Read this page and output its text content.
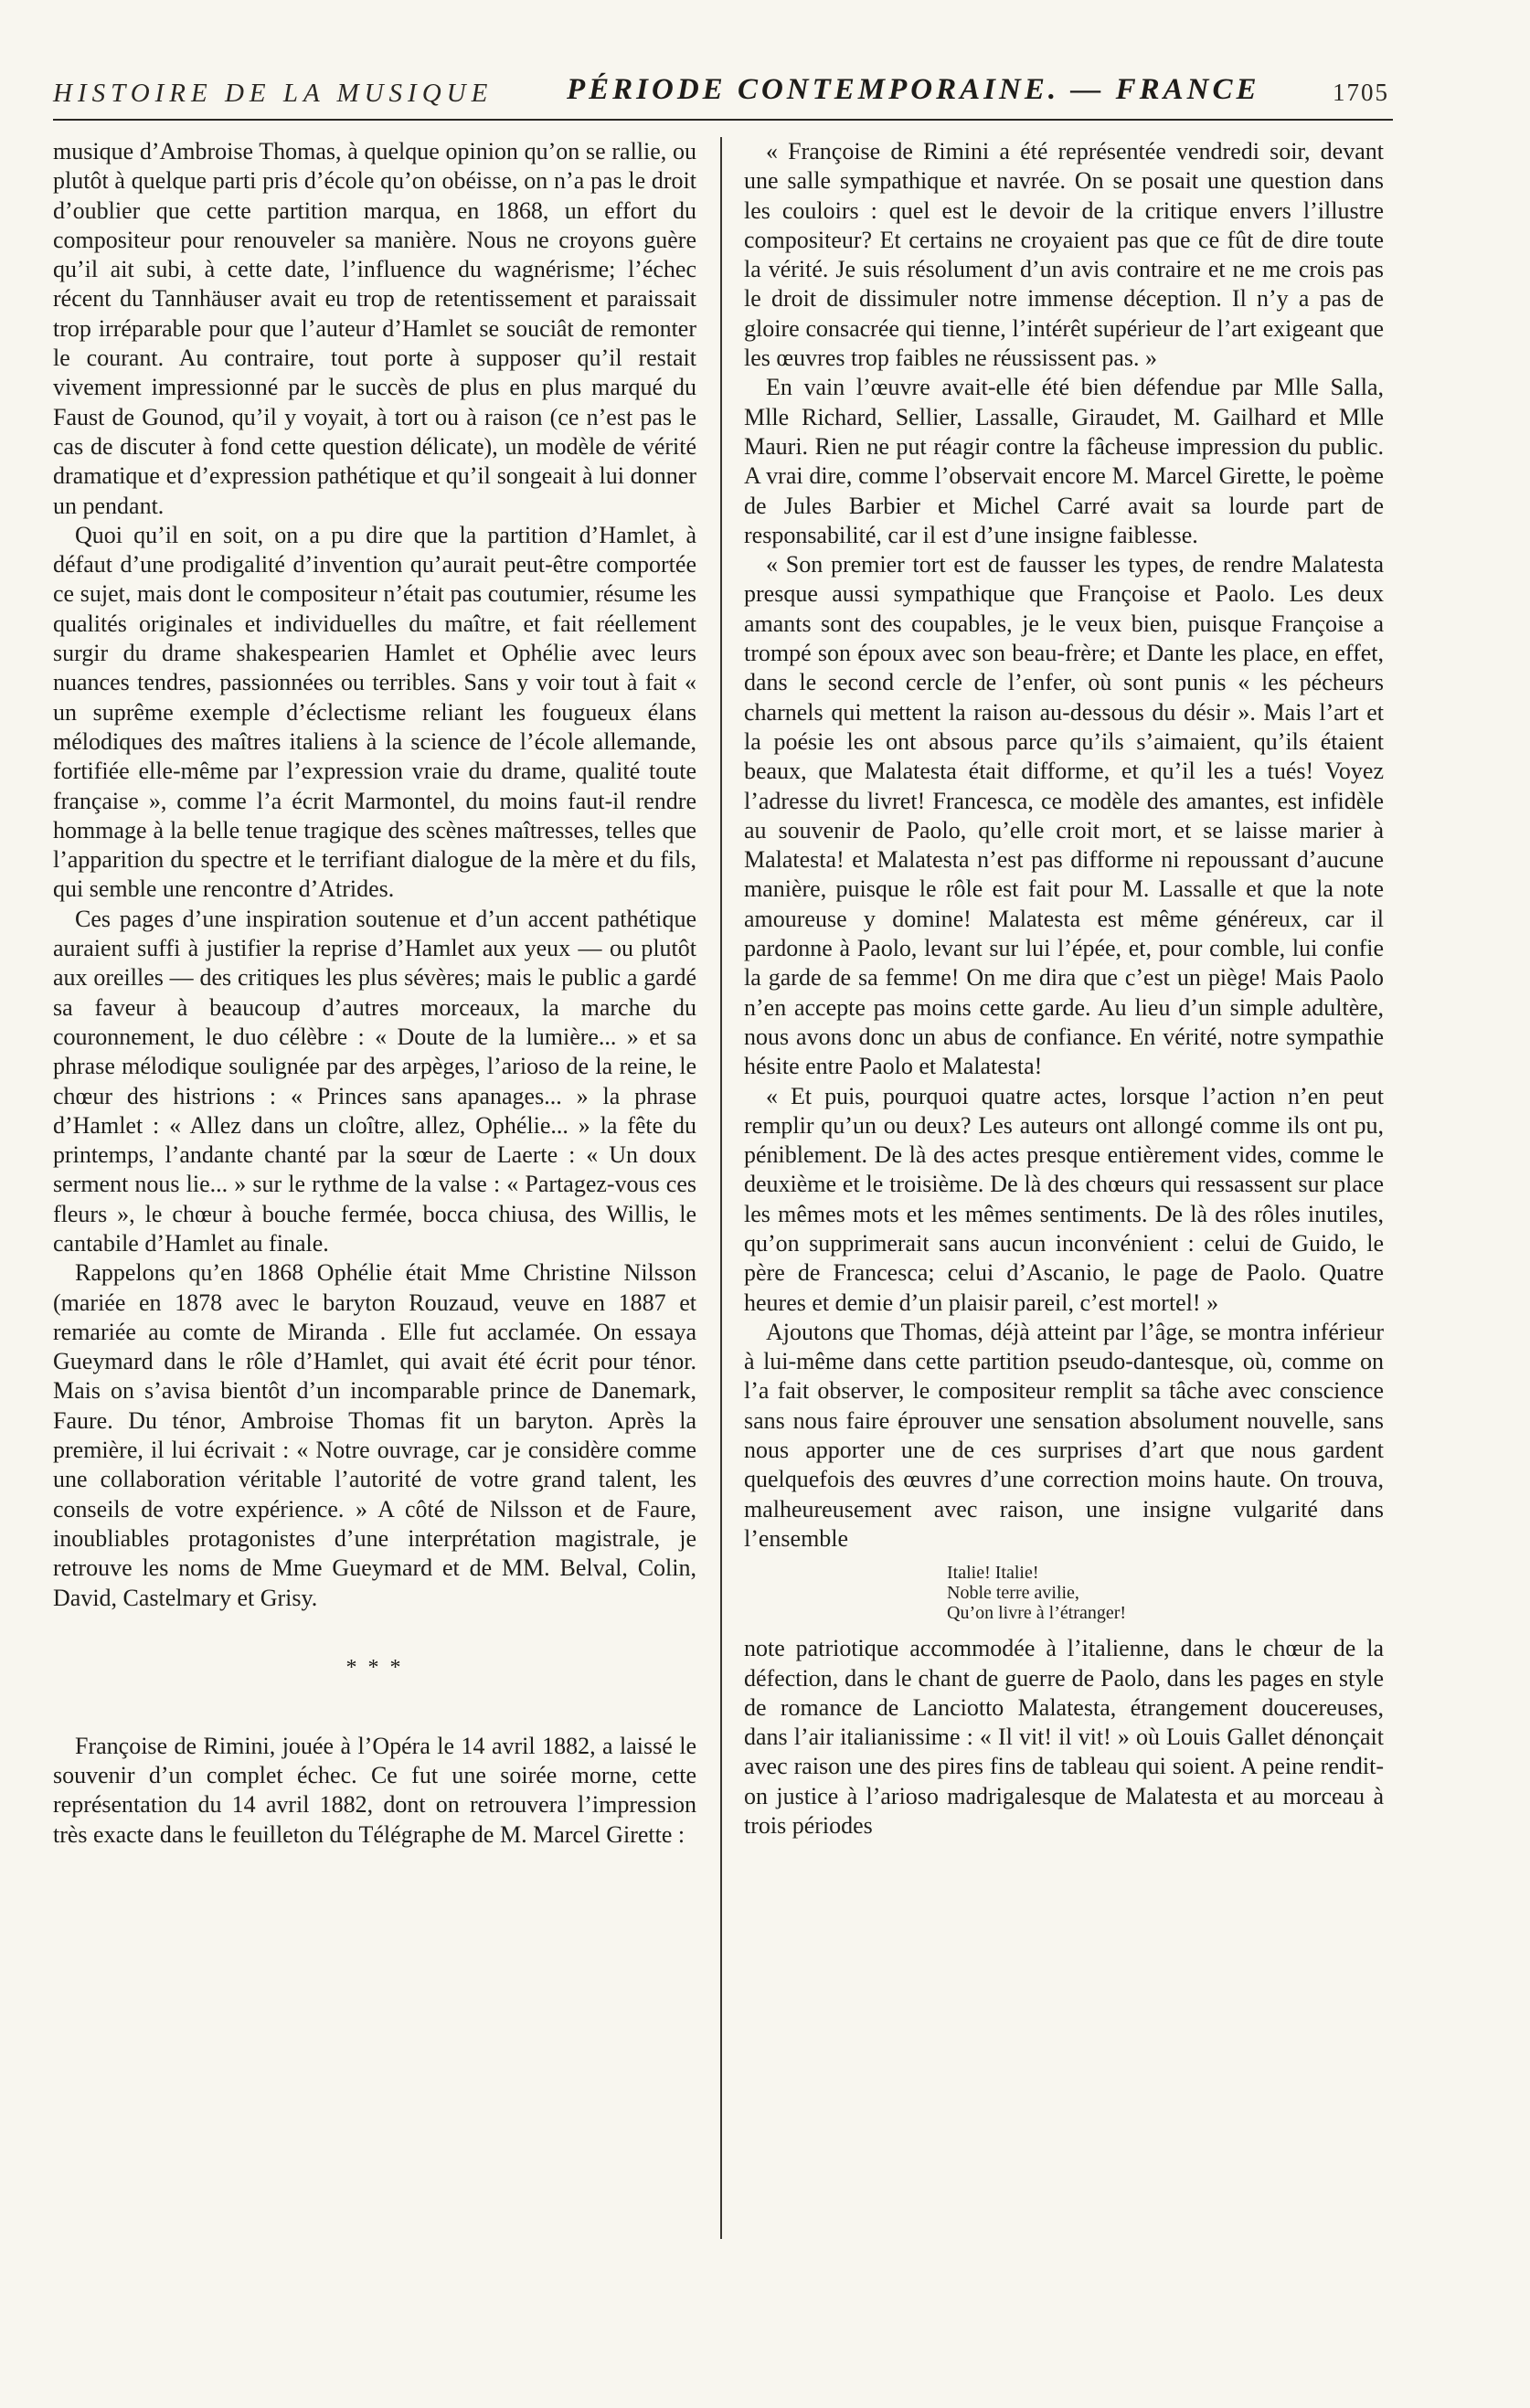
HISTOIRE DE LA MUSIQUE PÉRIODE CONTEMPORAINE. — FRANCE	1705

musique d’Ambroise Thomas, à quelque opinion qu’on se rallie, ou plutôt à quelque parti pris d’école qu’on obéisse, on n’a pas le droit d’oublier que cette partition marqua, en 1868, un effort du compositeur pour renouveler sa manière. Nous ne croyons guère qu’il ait subi, à cette date, l’influence du wagnérisme; l’échec récent du Tannhäuser avait eu trop de retentissement et paraissait trop irréparable pour que l’auteur d’Hamlet se souciât de remonter le courant. Au contraire, tout porte à supposer qu’il restait vivement impressionné par le succès de plus en plus marqué du Faust de Gounod, qu’il y voyait, à tort ou à raison (ce n’est pas le cas de discuter à fond cette question délicate), un modèle de vérité dramatique et d’expression pathétique et qu’il songeait à lui donner un pendant.

Quoi qu’il en soit, on a pu dire que la partition d’Hamlet, à défaut d’une prodigalité d’invention qu’aurait peut-être comportée ce sujet, mais dont le compositeur n’était pas coutumier, résume les qualités originales et individuelles du maître, et fait réellement surgir du drame shakespearien Hamlet et Ophélie avec leurs nuances tendres, passionnées ou terribles. Sans y voir tout à fait « un suprême exemple d’éclectisme reliant les fougueux élans mélodiques des maîtres italiens à la science de l’école allemande, fortifiée elle-même par l’expression vraie du drame, qualité toute française », comme l’a écrit Marmontel, du moins faut-il rendre hommage à la belle tenue tragique des scènes maîtresses, telles que l’apparition du spectre et le terrifiant dialogue de la mère et du fils, qui semble une rencontre d’Atrides.

Ces pages d’une inspiration soutenue et d’un accent pathétique auraient suffi à justifier la reprise d’Hamlet aux yeux — ou plutôt aux oreilles — des critiques les plus sévères; mais le public a gardé sa faveur à beaucoup d’autres morceaux, la marche du couronnement, le duo célèbre : « Doute de la lumière... » et sa phrase mélodique soulignée par des arpèges, l’arioso de la reine, le chœur des histrions : « Princes sans apanages... » la phrase d’Hamlet : « Allez dans un cloître, allez, Ophélie... » la fête du printemps, l’andante chanté par la sœur de Laerte : « Un doux serment nous lie... » sur le rythme de la valse : « Partagez-vous ces fleurs », le chœur à bouche fermée, bocca chiusa, des Willis, le cantabile d’Hamlet au finale.

Rappelons qu’en 1868 Ophélie était Mme Christine Nilsson (mariée en 1878 avec le baryton Rouzaud, veuve en 1887 et remariée au comte de Miranda . Elle fut acclamée. On essaya Gueymard dans le rôle d’Hamlet, qui avait été écrit pour ténor. Mais on s’avisa bientôt d’un incomparable prince de Danemark, Faure. Du ténor, Ambroise Thomas fit un baryton. Après la première, il lui écrivait : « Notre ouvrage, car je considère comme une collaboration véritable l’autorité de votre grand talent, les conseils de votre expérience. » A côté de Nilsson et de Faure, inoubliables protagonistes d’une interprétation magistrale, je retrouve les noms de Mme Gueymard et de MM. Belval, Colin, David, Castelmary et Grisy.

* * *

Françoise de Rimini, jouée à l’Opéra le 14 avril 1882, a laissé le souvenir d’un complet échec. Ce fut une soirée morne, cette représentation du 14 avril 1882, dont on retrouvera l’impression très exacte dans le feuilleton du Télégraphe de M. Marcel Girette :

« Françoise de Rimini a été représentée vendredi soir, devant une salle sympathique et navrée. On se posait une question dans les couloirs : quel est le devoir de la critique envers l’illustre compositeur? Et certains ne croyaient pas que ce fût de dire toute la vérité. Je suis résolument d’un avis contraire et ne me crois pas le droit de dissimuler notre immense déception. Il n’y a pas de gloire consacrée qui tienne, l’intérêt supérieur de l’art exigeant que les œuvres trop faibles ne réussissent pas. »

En vain l’œuvre avait-elle été bien défendue par Mlle Salla, Mlle Richard, Sellier, Lassalle, Giraudet, M. Gailhard et Mlle Mauri. Rien ne put réagir contre la fâcheuse impression du public. A vrai dire, comme l’observait encore M. Marcel Girette, le poème de Jules Barbier et Michel Carré avait sa lourde part de responsabilité, car il est d’une insigne faiblesse.

« Son premier tort est de fausser les types, de rendre Malatesta presque aussi sympathique que Françoise et Paolo. Les deux amants sont des coupables, je le veux bien, puisque Françoise a trompé son époux avec son beau-frère; et Dante les place, en effet, dans le second cercle de l’enfer, où sont punis « les pécheurs charnels qui mettent la raison au-dessous du désir ». Mais l’art et la poésie les ont absous parce qu’ils s’aimaient, qu’ils étaient beaux, que Malatesta était difforme, et qu’il les a tués! Voyez l’adresse du livret! Francesca, ce modèle des amantes, est infidèle au souvenir de Paolo, qu’elle croit mort, et se laisse marier à Malatesta! et Malatesta n’est pas difforme ni repoussant d’aucune manière, puisque le rôle est fait pour M. Lassalle et que la note amoureuse y domine! Malatesta est même généreux, car il pardonne à Paolo, levant sur lui l’épée, et, pour comble, lui confie la garde de sa femme! On me dira que c’est un piège! Mais Paolo n’en accepte pas moins cette garde. Au lieu d’un simple adultère, nous avons donc un abus de confiance. En vérité, notre sympathie hésite entre Paolo et Malatesta!

« Et puis, pourquoi quatre actes, lorsque l’action n’en peut remplir qu’un ou deux? Les auteurs ont allongé comme ils ont pu, péniblement. De là des actes presque entièrement vides, comme le deuxième et le troisième. De là des chœurs qui ressassent sur place les mêmes mots et les mêmes sentiments. De là des rôles inutiles, qu’on supprimerait sans aucun inconvénient : celui de Guido, le père de Francesca; celui d’Ascanio, le page de Paolo. Quatre heures et demie d’un plaisir pareil, c’est mortel! »

Ajoutons que Thomas, déjà atteint par l’âge, se montra inférieur à lui-même dans cette partition pseudo-dantesque, où, comme on l’a fait observer, le compositeur remplit sa tâche avec conscience sans nous faire éprouver une sensation absolument nouvelle, sans nous apporter une de ces surprises d’art que nous gardent quelquefois des œuvres d’une correction moins haute. On trouva, malheureusement avec raison, une insigne vulgarité dans l’ensemble

Italie! Italie!
Noble terre avilie,
Qu’on livre à l’étranger!

note patriotique accommodée à l’italienne, dans le chœur de la défection, dans le chant de guerre de Paolo, dans les pages en style de romance de Lanciotto Malatesta, étrangement doucereuses, dans l’air italianissime : « Il vit! il vit! » où Louis Gallet dénonçait avec raison une des pires fins de tableau qui soient. A peine rendit-on justice à l’arioso madrigalesque de Malatesta et au morceau à trois périodes
